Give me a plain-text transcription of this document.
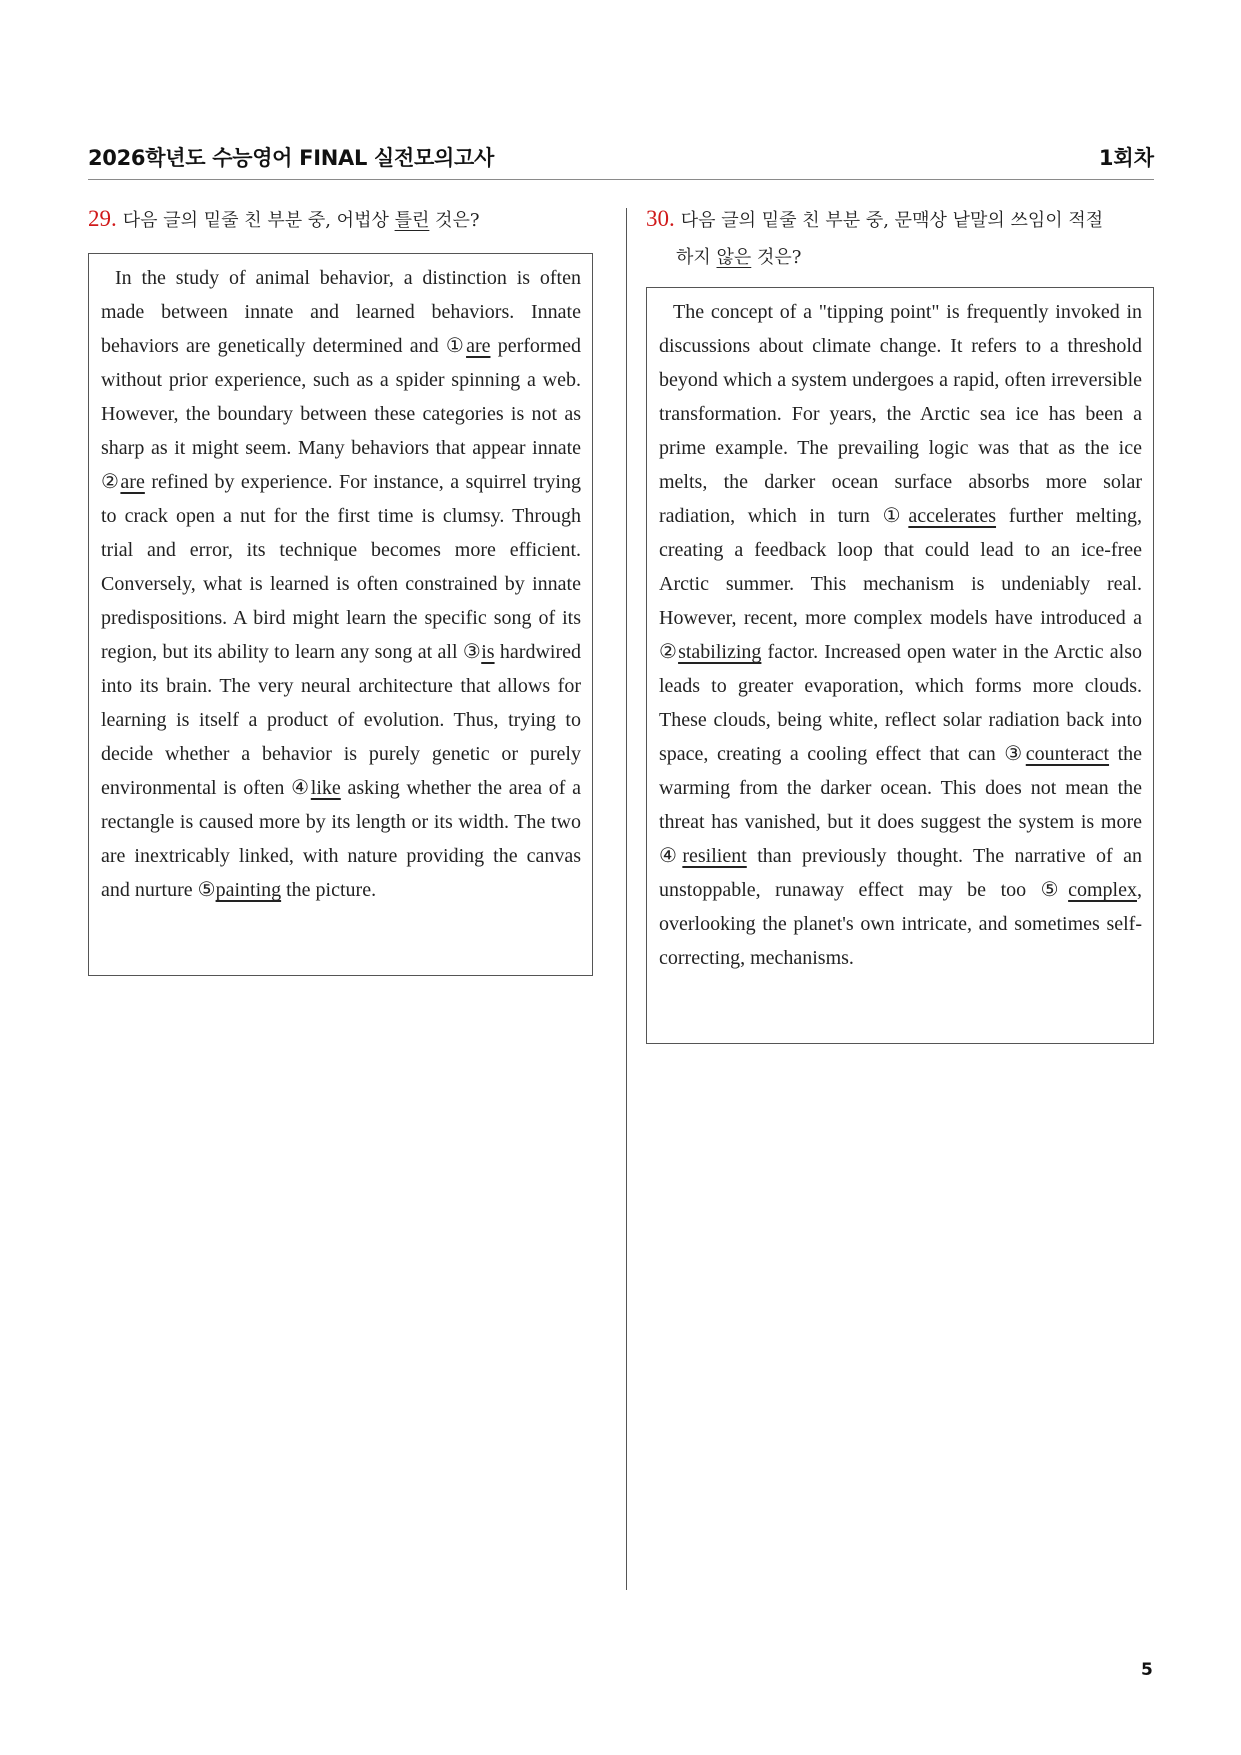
2026학년도 수능영어 FINAL 실전모의고사	1회차
29. 다음 글의 밑줄 친 부분 중, 어법상 틀린 것은?

In the study of animal behavior, a distinction is often made between innate and learned behaviors. Innate behaviors are genetically determined and ①are performed without prior experience, such as a spider spinning a web. However, the boundary between these categories is not as sharp as it might seem. Many behaviors that appear innate ②are refined by experience. For instance, a squirrel trying to crack open a nut for the first time is clumsy. Through trial and error, its technique becomes more efficient. Conversely, what is learned is often constrained by innate predispositions. A bird might learn the specific song of its region, but its ability to learn any song at all ③is hardwired into its brain. The very neural architecture that allows for learning is itself a product of evolution. Thus, trying to decide whether a behavior is purely genetic or purely environmental is often ④like asking whether the area of a rectangle is caused more by its length or its width. The two are inextricably linked, with nature providing the canvas and nurture ⑤painting the picture.

30. 다음 글의 밑줄 친 부분 중, 문맥상 낱말의 쓰임이 적절
하지 않은 것은?

The concept of a "tipping point" is frequently invoked in discussions about climate change. It refers to a threshold beyond which a system undergoes a rapid, often irreversible transformation. For years, the Arctic sea ice has been a prime example. The prevailing logic was that as the ice melts, the darker ocean surface absorbs more solar radiation, which in turn ①accelerates further melting, creating a feedback loop that could lead to an ice-free Arctic summer. This mechanism is undeniably real. However, recent, more complex models have introduced a ②stabilizing factor. Increased open water in the Arctic also leads to greater evaporation, which forms more clouds. These clouds, being white, reflect solar radiation back into space, creating a cooling effect that can ③counteract the warming from the darker ocean. This does not mean the threat has vanished, but it does suggest the system is more ④resilient than previously thought. The narrative of an unstoppable, runaway effect may be too ⑤complex, overlooking the planet's own intricate, and sometimes self-correcting, mechanisms.

5
